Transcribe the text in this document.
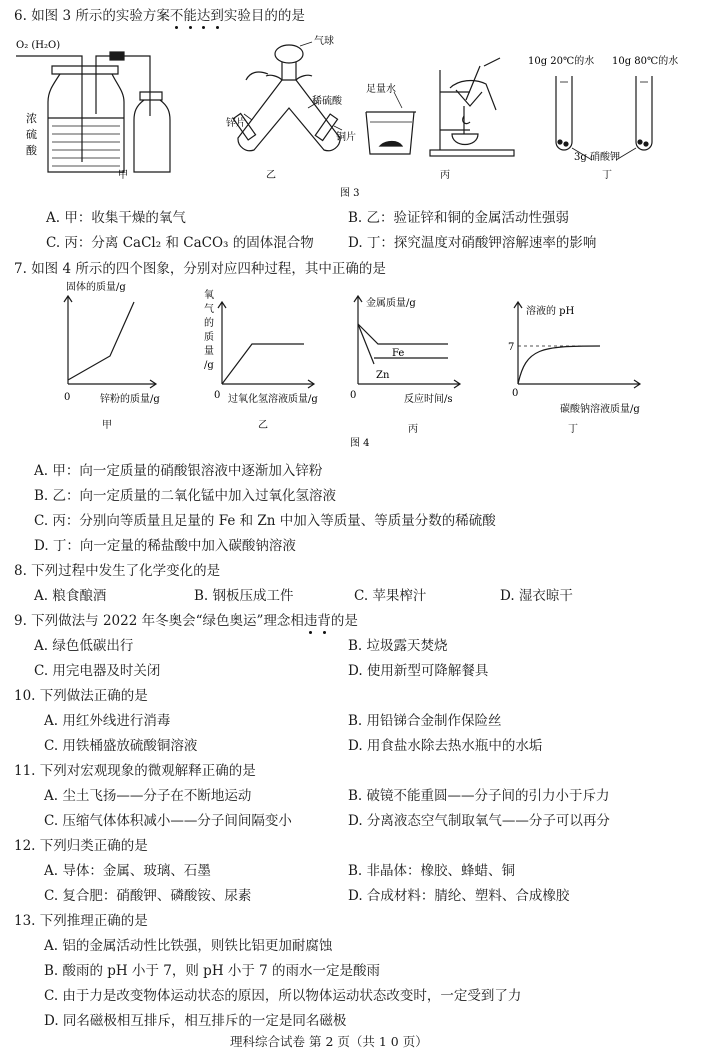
6. 如图 3 所示的实验方案不
能
达
到
实验目的的是
O₂ (H₂O)
浓
硫
酸
气球
稀硫酸
锌片
铜片
足量水
10g 20℃的水 10g 80℃的水
3g 硝酸钾
甲	乙	丙	丁
图 3
A. 甲：收集干燥的氧气	B. 乙：验证锌和铜的金属活动性强弱
C. 丙：分离 CaCl₂ 和 CaCO₃ 的固体混合物	D. 丁：探究温度对硝酸钾溶解速率的影响
7. 如图 4 所示的四个图象，分别对应四种过程，其中正确的是
固体的质量/g
锌粉的质量/g
0
氧
气
的
质
量
/g
过氧化氢溶液质量/g
0
金属质量/g
Fe
Zn
反应时间/s
0
溶液的 pH
7
0
碳酸钠溶液质量/g
甲	乙	丙	丁
图 4
A. 甲：向一定质量的硝酸银溶液中逐渐加入锌粉
B. 乙：向一定质量的二氧化锰中加入过氧化氢溶液
C. 丙：分别向等质量且足量的 Fe 和 Zn 中加入等质量、等质量分数的稀硫酸
D. 丁：向一定量的稀盐酸中加入碳酸钠溶液
8. 下列过程中发生了化学变化的是
A. 粮食酿酒	B. 钢板压成工件	C. 苹果榨汁	D. 湿衣晾干
9. 下列做法与 2022 年冬奥会“绿色奥运”理念相违
背
的是
A. 绿色低碳出行	B. 垃圾露天焚烧
C. 用完电器及时关闭	D. 使用新型可降解餐具
10. 下列做法正确的是
A. 用红外线进行消毒	B. 用铅锑合金制作保险丝
C. 用铁桶盛放硫酸铜溶液	D. 用食盐水除去热水瓶中的水垢
11. 下列对宏观现象的微观解释正确的是
A. 尘土飞扬——分子在不断地运动	B. 破镜不能重圆——分子间的引力小于斥力
C. 压缩气体体积减小——分子间间隔变小	D. 分离液态空气制取氧气——分子可以再分
12. 下列归类正确的是
A. 导体：金属、玻璃、石墨	B. 非晶体：橡胶、蜂蜡、铜
C. 复合肥：硝酸钾、磷酸铵、尿素	D. 合成材料：腈纶、塑料、合成橡胶
13. 下列推理正确的是
A. 铝的金属活动性比铁强，则铁比铝更加耐腐蚀
B. 酸雨的 pH 小于 7，则 pH 小于 7 的雨水一定是酸雨
C. 由于力是改变物体运动状态的原因，所以物体运动状态改变时，一定受到了力
D. 同名磁极相互排斥，相互排斥的一定是同名磁极
理科综合试卷 第 2 页（共 1 0 页）
